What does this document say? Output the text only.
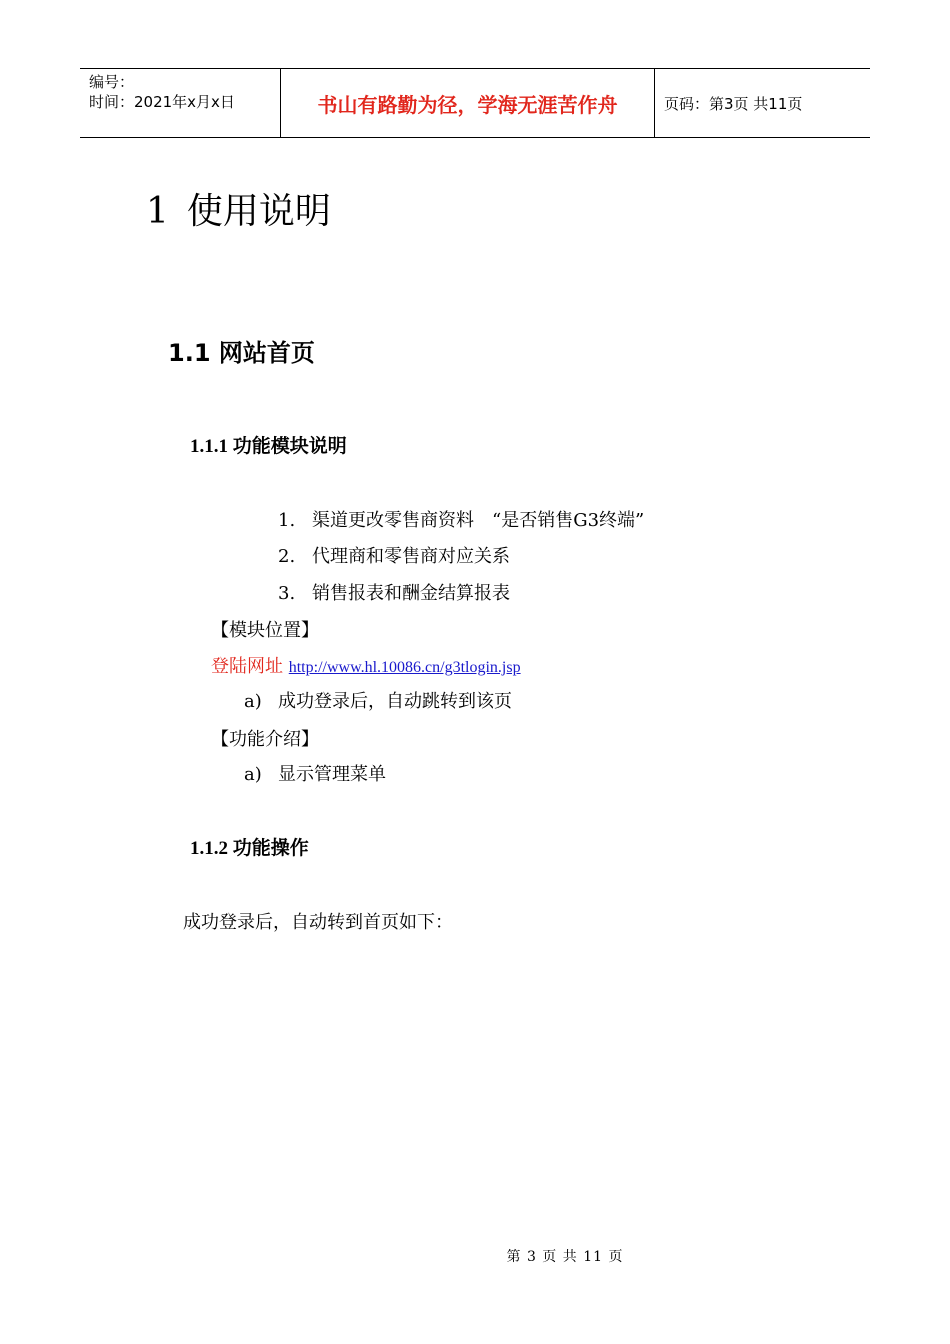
编号：
时间：2021年x月x日	书山有路勤为径，学海无涯苦作舟	页码：第3页 共11页
1 使用说明
1.1 网站首页
1.1.1 功能模块说明
1. 渠道更改零售商资料　“是否销售G3终端”
2. 代理商和零售商对应关系
3. 销售报表和酬金结算报表
【模块位置】
登陆网址 http://www.hl.10086.cn/g3tlogin.jsp
a) 成功登录后，自动跳转到该页
【功能介绍】
a) 显示管理菜单
1.1.2 功能操作
成功登录后，自动转到首页如下：
第 3 页 共 11 页
